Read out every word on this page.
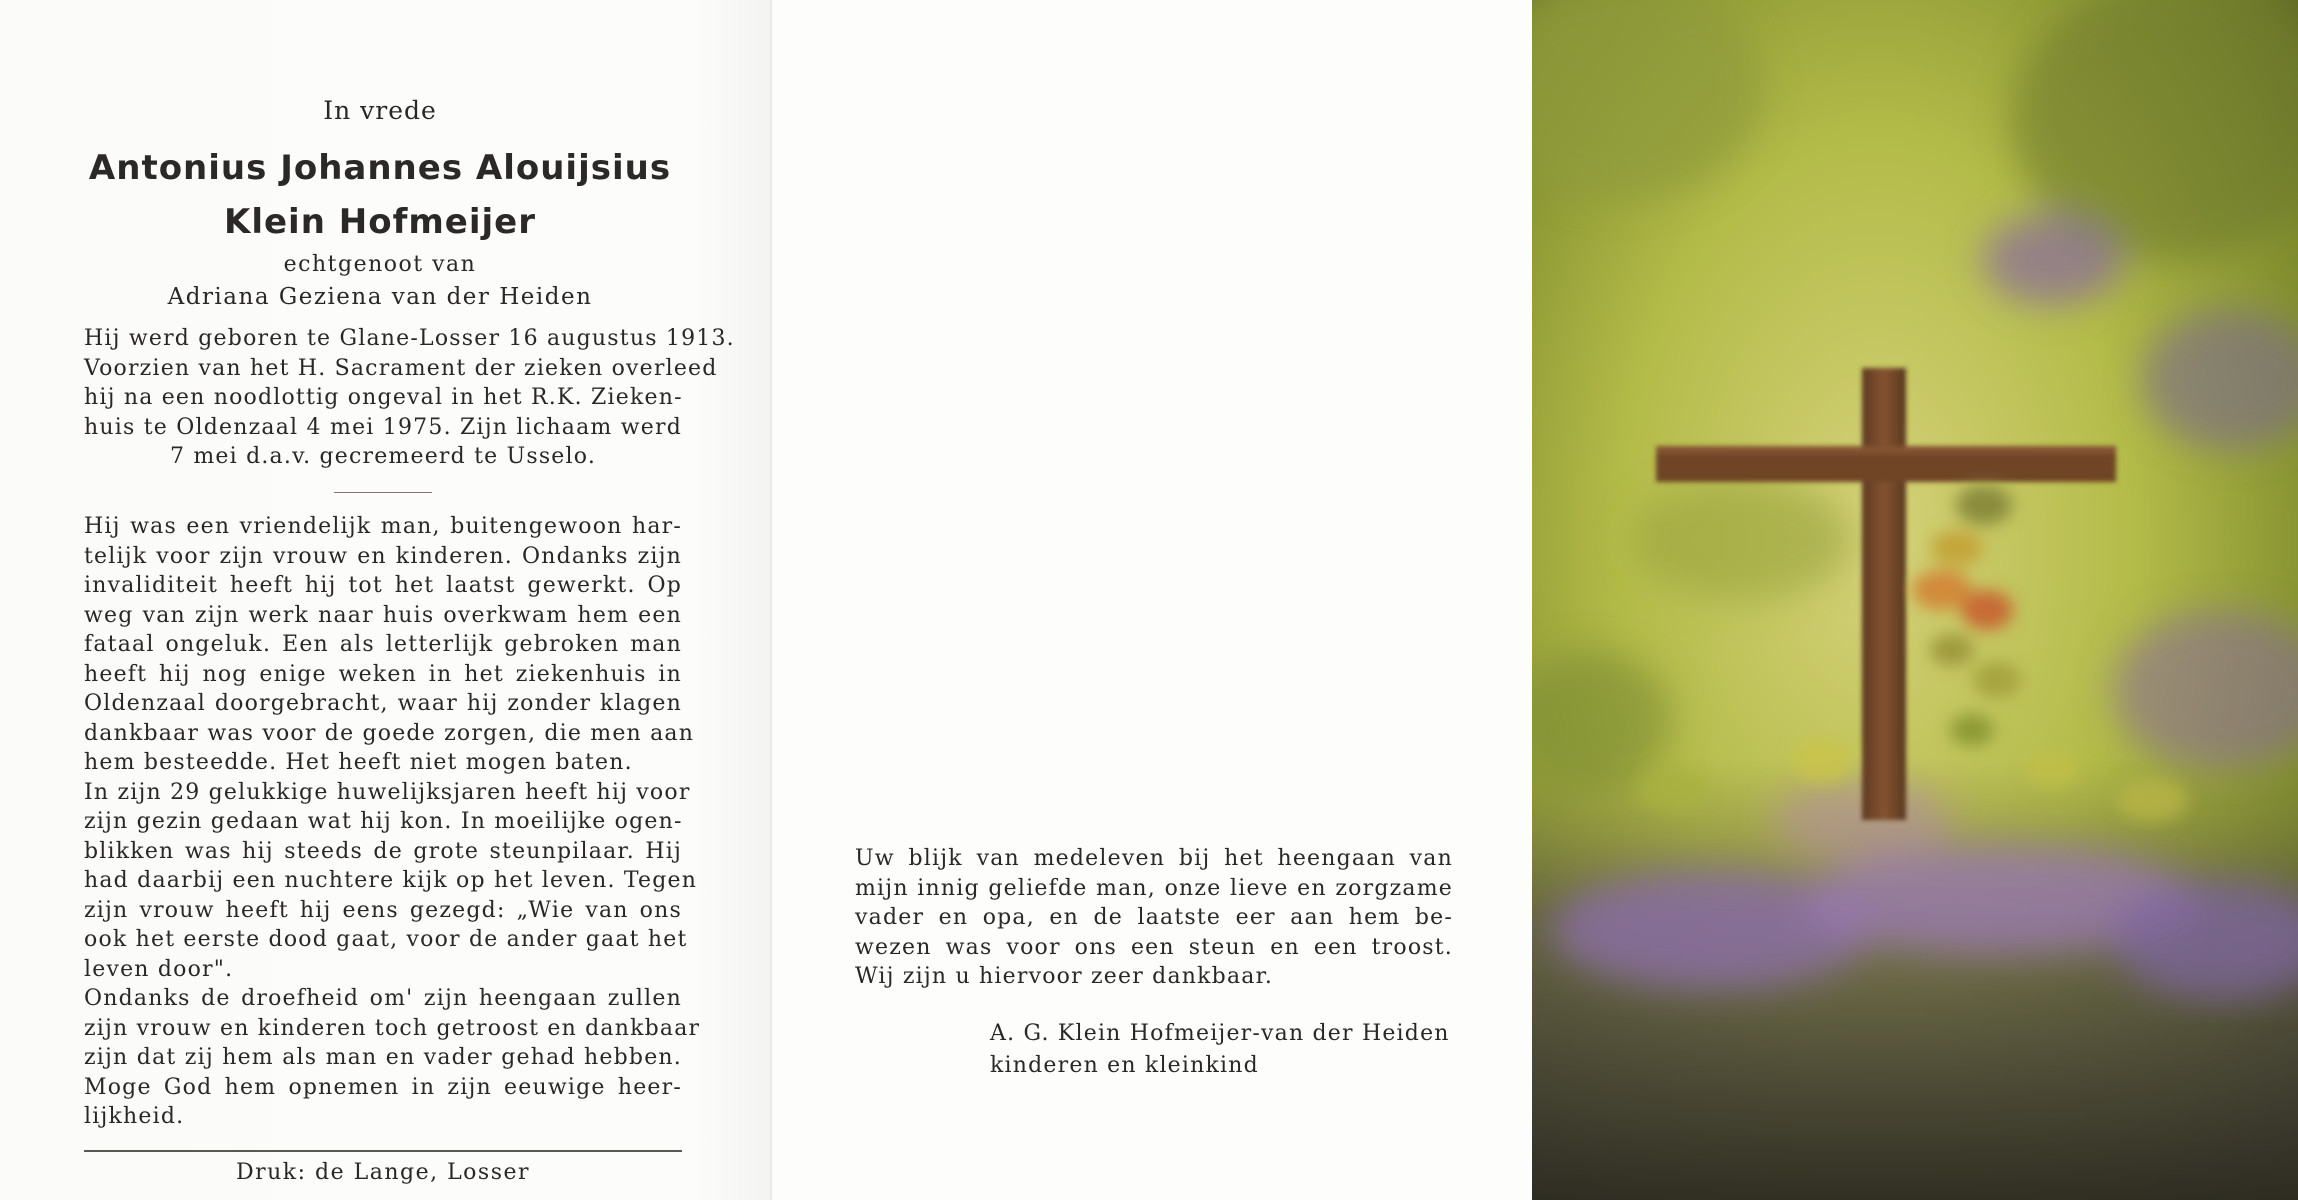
In vrede
Antonius Johannes Alouijsius
Klein Hofmeijer
echtgenoot van
Adriana Geziena van der Heiden
Hij werd geboren te Glane-Losser 16 augustus 1913.
Voorzien van het H. Sacrament der zieken overleed
hij na een noodlottig ongeval in het R.K. Zieken-
huis te Oldenzaal 4 mei 1975. Zijn lichaam werd
7 mei d.a.v. gecremeerd te Usselo.
Hij was een vriendelijk man, buitengewoon har-
telijk voor zijn vrouw en kinderen. Ondanks zijn
invaliditeit heeft hij tot het laatst gewerkt. Op
weg van zijn werk naar huis overkwam hem een
fataal ongeluk. Een als letterlijk gebroken man
heeft hij nog enige weken in het ziekenhuis in
Oldenzaal doorgebracht, waar hij zonder klagen
dankbaar was voor de goede zorgen, die men aan
hem besteedde. Het heeft niet mogen baten.
In zijn 29 gelukkige huwelijksjaren heeft hij voor
zijn gezin gedaan wat hij kon. In moeilijke ogen-
blikken was hij steeds de grote steunpilaar. Hij
had daarbij een nuchtere kijk op het leven. Tegen
zijn vrouw heeft hij eens gezegd: „Wie van ons
ook het eerste dood gaat, voor de ander gaat het
leven door".
Ondanks de droefheid om' zijn heengaan zullen
zijn vrouw en kinderen toch getroost en dankbaar
zijn dat zij hem als man en vader gehad hebben.
Moge God hem opnemen in zijn eeuwige heer-
lijkheid.
Druk: de Lange, Losser
Uw blijk van medeleven bij het heengaan van
mijn innig geliefde man, onze lieve en zorgzame
vader en opa, en de laatste eer aan hem be-
wezen was voor ons een steun en een troost.
Wij zijn u hiervoor zeer dankbaar.
A. G. Klein Hofmeijer-van der Heiden
kinderen en kleinkind
